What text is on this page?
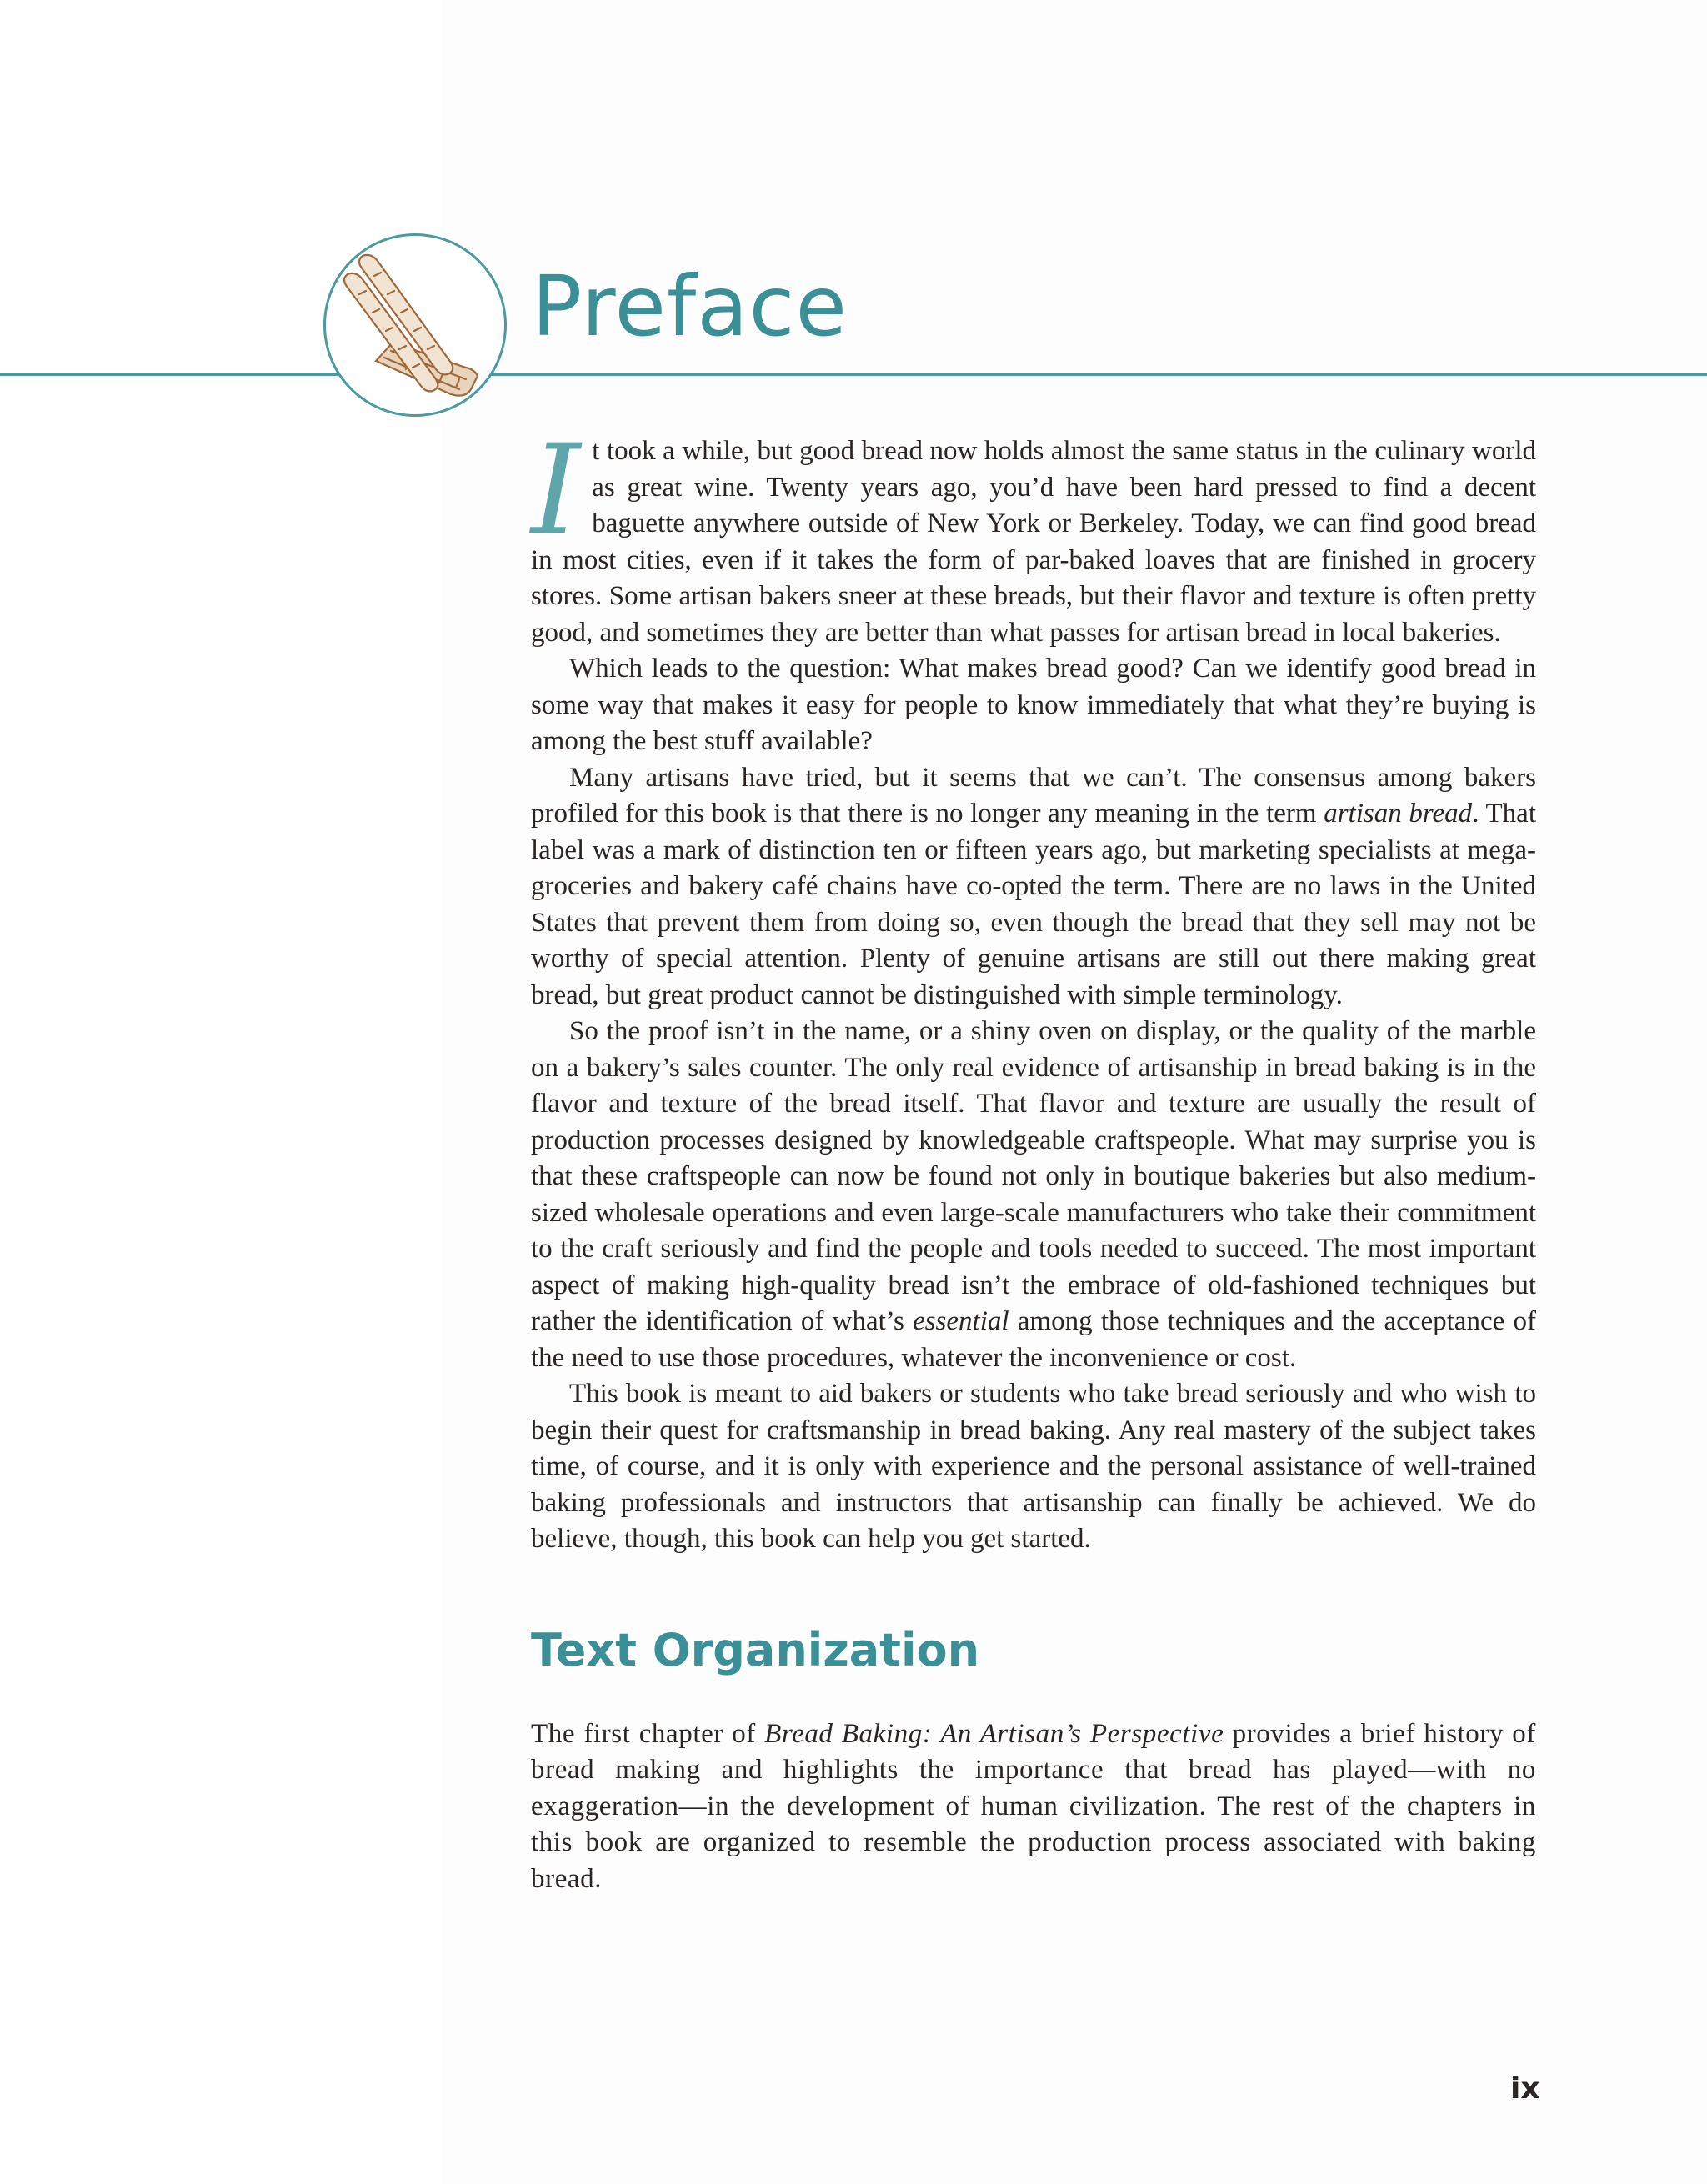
Preface

It took a while, but good bread now holds almost the same status in the culinary world as great wine. Twenty years ago, you’d have been hard pressed to find a decent baguette anywhere outside of New York or Berkeley. Today, we can find good bread in most cities, even if it takes the form of par-baked loaves that are finished in grocery stores. Some artisan bakers sneer at these breads, but their flavor and texture is often pretty good, and sometimes they are better than what passes for artisan bread in local bakeries.

Which leads to the question: What makes bread good? Can we identify good bread in some way that makes it easy for people to know immediately that what they’re buying is among the best stuff available?

Many artisans have tried, but it seems that we can’t. The consensus among bakers profiled for this book is that there is no longer any meaning in the term artisan bread. That label was a mark of distinction ten or fifteen years ago, but marketing specialists at mega-groceries and bakery café chains have co-opted the term. There are no laws in the United States that prevent them from doing so, even though the bread that they sell may not be worthy of special attention. Plenty of genuine artisans are still out there making great bread, but great product cannot be distinguished with simple terminology.

So the proof isn’t in the name, or a shiny oven on display, or the quality of the marble on a bakery’s sales counter. The only real evidence of artisanship in bread baking is in the flavor and texture of the bread itself. That flavor and texture are usually the result of production processes designed by knowledgeable craftspeople. What may surprise you is that these craftspeople can now be found not only in boutique bakeries but also medium-sized wholesale operations and even large-scale manufacturers who take their commitment to the craft seriously and find the people and tools needed to succeed. The most important aspect of making high-quality bread isn’t the embrace of old-fashioned techniques but rather the identification of what’s essential among those techniques and the acceptance of the need to use those procedures, whatever the inconvenience or cost.

This book is meant to aid bakers or students who take bread seriously and who wish to begin their quest for craftsmanship in bread baking. Any real mastery of the subject takes time, of course, and it is only with experience and the personal assistance of well-trained baking professionals and instructors that artisanship can finally be achieved. We do believe, though, this book can help you get started.

Text Organization

The first chapter of Bread Baking: An Artisan’s Perspective provides a brief history of bread making and highlights the importance that bread has played—with no exaggeration—in the development of human civilization. The rest of the chapters in this book are organized to resemble the production process associated with baking bread.

ix
